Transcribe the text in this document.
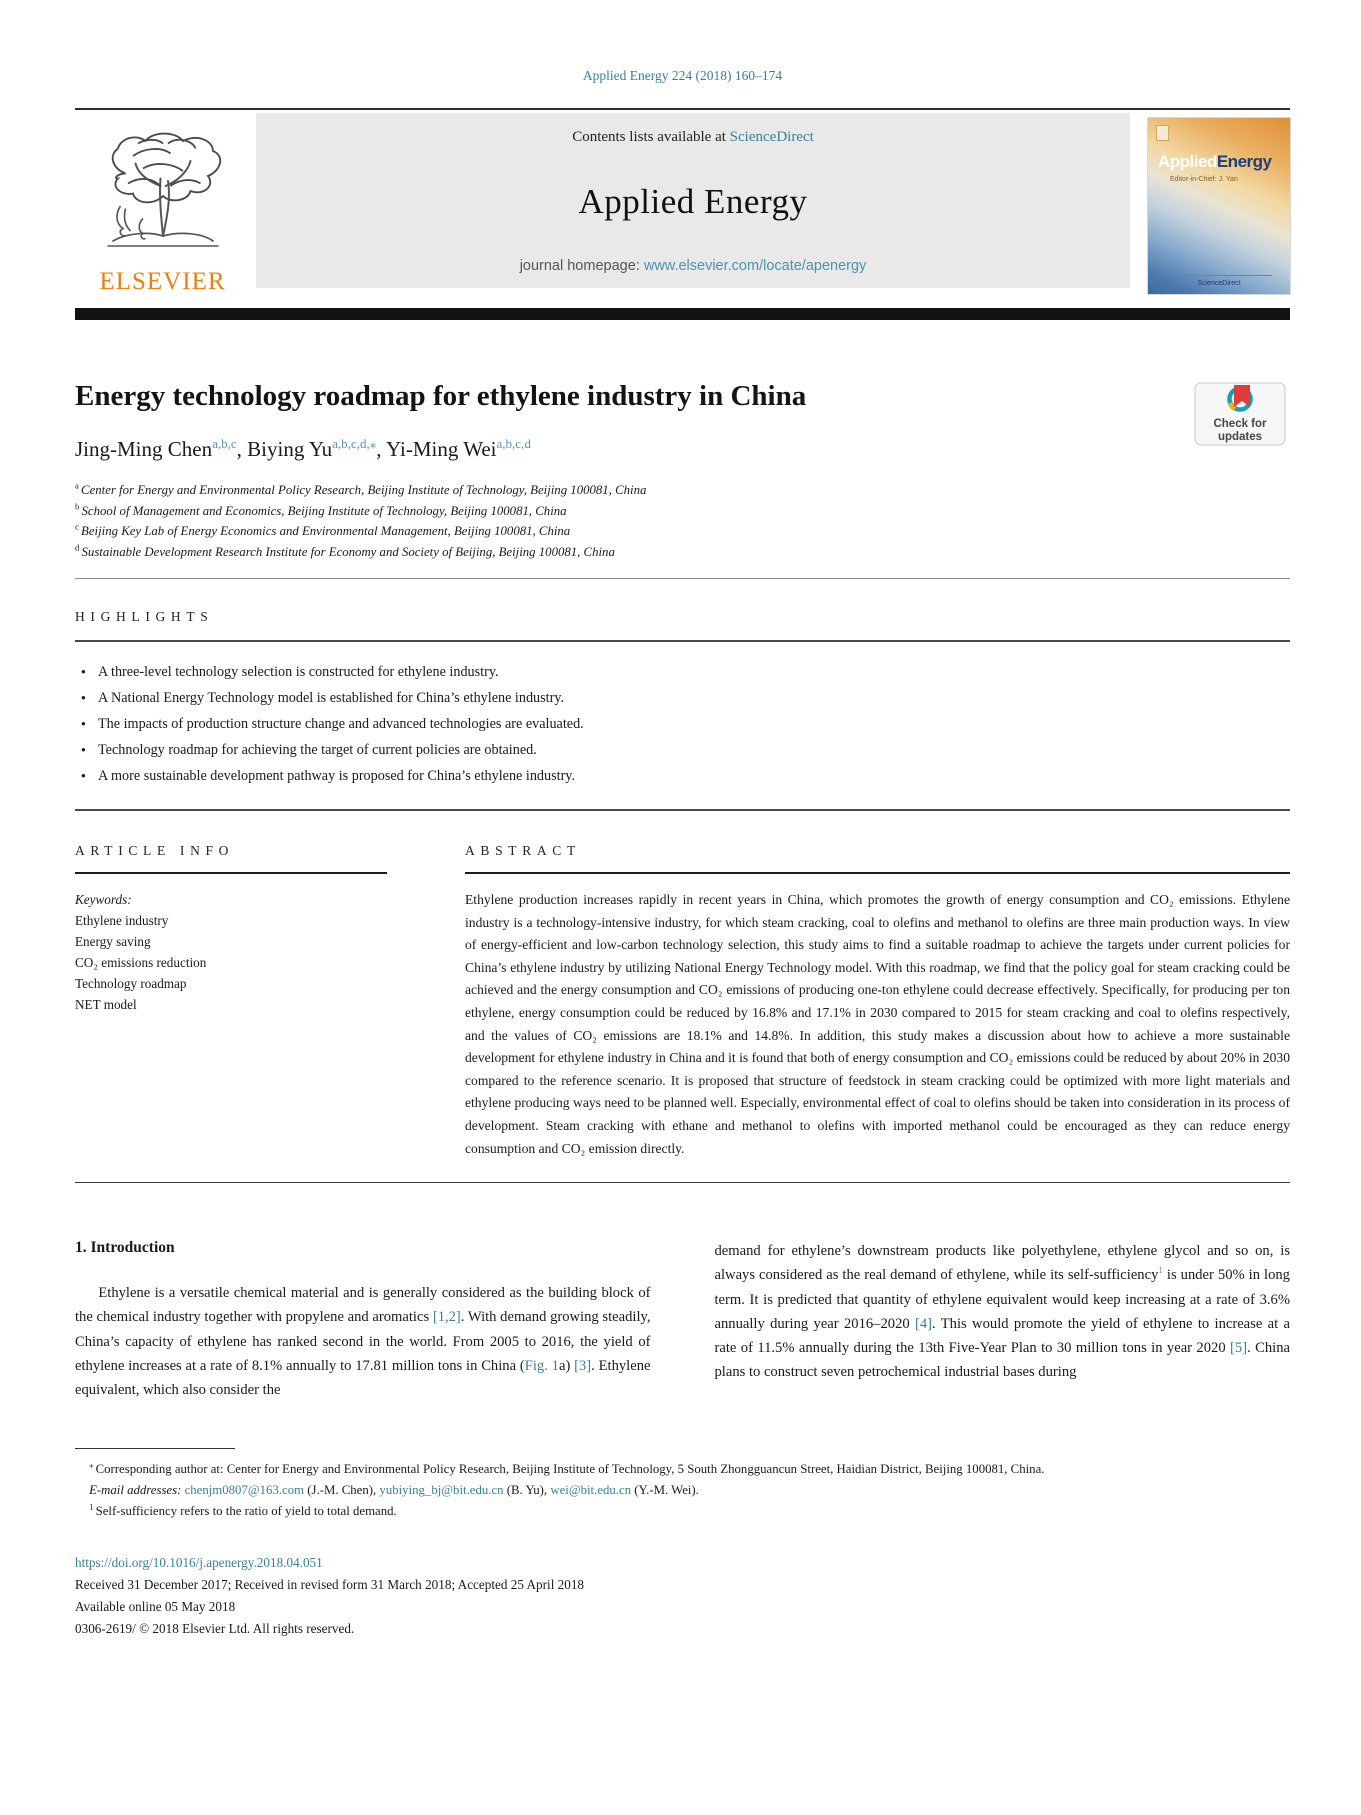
Applied Energy 224 (2018) 160–174
ELSEVIER
Contents lists available at ScienceDirect
Applied Energy
journal homepage: www.elsevier.com/locate/apenergy
AppliedEnergy
Editor-in-Chief: J. Yan
ScienceDirect
Energy technology roadmap for ethylene industry in China
Check for
updates
Jing-Ming Chen$^{a,b,c}$, Biying $Yu^{a,b,c,d,⁎}$, Yi-Ming Wei$^{a,b,c,d}$
$^a$ Center for Energy and Environmental Policy Research, Beijing Institute of Technology, Beijing 100081, China
$^b$ School of Management and Economics, Beijing Institute of Technology, Beijing 100081, China
$^c$ Beijing Key Lab of Energy Economics and Environmental Management, Beijing 100081, China
$^d$ Sustainable Development Research Institute for Economy and Society of Beijing, Beijing 100081, China
HIGHLIGHTS
● A three-level technology selection is constructed for ethylene industry.
● A National Energy Technology model is established for China’s ethylene industry.
● The impacts of production structure change and advanced technologies are evaluated.
● Technology roadmap for achieving the target of current policies are obtained.
● A more sustainable development pathway is proposed for China’s ethylene industry.
ARTICLE INFO
Keywords:
Ethylene industry
Energy saving
CO₂ emissions reduction
Technology roadmap
NET model
ABSTRACT
Ethylene production increases rapidly in recent years in China, which promotes the growth of energy consumption and CO₂ emissions. Ethylene industry is a technology-intensive industry, for which steam cracking, coal to olefins and methanol to olefins are three main production ways. In view of energy-efficient and low-carbon technology selection, this study aims to find a suitable roadmap to achieve the targets under current policies for China’s ethylene industry by utilizing National Energy Technology model. With this roadmap, we find that the policy goal for steam cracking could be achieved and the energy consumption and CO₂ emissions of producing one-ton ethylene could decrease effectively. Specifically, for producing per ton ethylene, energy consumption could be reduced by 16.8% and 17.1% in 2030 compared to 2015 for steam cracking and coal to olefins respectively, and the values of CO₂ emissions are 18.1% and 14.8%. In addition, this study makes a discussion about how to achieve a more sustainable development for ethylene industry in China and it is found that both of energy consumption and CO₂ emissions could be reduced by about 20% in 2030 compared to the reference scenario. It is proposed that structure of feedstock in steam cracking could be optimized with more light materials and ethylene producing ways need to be planned well. Especially, environmental effect of coal to olefins should be taken into consideration in its process of development. Steam cracking with ethane and methanol to olefins with imported methanol could be encouraged as they can reduce energy consumption and CO₂ emission directly.
1. Introduction

Ethylene is a versatile chemical material and is generally considered as the building block of the chemical industry together with propylene and aromatics [1,2]. With demand growing steadily, China’s capacity of ethylene has ranked second in the world. From 2005 to 2016, the yield of ethylene increases at a rate of 8.1% annually to 17.81 million tons in China (Fig. 1a) [3]. Ethylene equivalent, which also consider the

demand for ethylene’s downstream products like polyethylene, ethylene glycol and so on, is always considered as the real demand of ethylene, while its self-sufficiency$^1$ is under 50% in long term. It is predicted that quantity of ethylene equivalent would keep increasing at a rate of 3.6% annually during year 2016–2020 [4]. This would promote the yield of ethylene to increase at a rate of 11.5% annually during the 13th Five-Year Plan to 30 million tons in year 2020 [5]. China plans to construct seven petrochemical industrial bases during

⁎ Corresponding author at: Center for Energy and Environmental Policy Research, Beijing Institute of Technology, 5 South Zhongguancun Street, Haidian District, Beijing 100081, China.
E-mail addresses: chenjm0807@163.com (J.-M. Chen), yubiying_bj@bit.edu.cn (B. Yu), wei@bit.edu.cn (Y.-M. Wei).
$^1$ Self-sufficiency refers to the ratio of yield to total demand.
https://doi.org/10.1016/j.apenergy.2018.04.051
Received 31 December 2017; Received in revised form 31 March 2018; Accepted 25 April 2018
Available online 05 May 2018
0306-2619/ © 2018 Elsevier Ltd. All rights reserved.
